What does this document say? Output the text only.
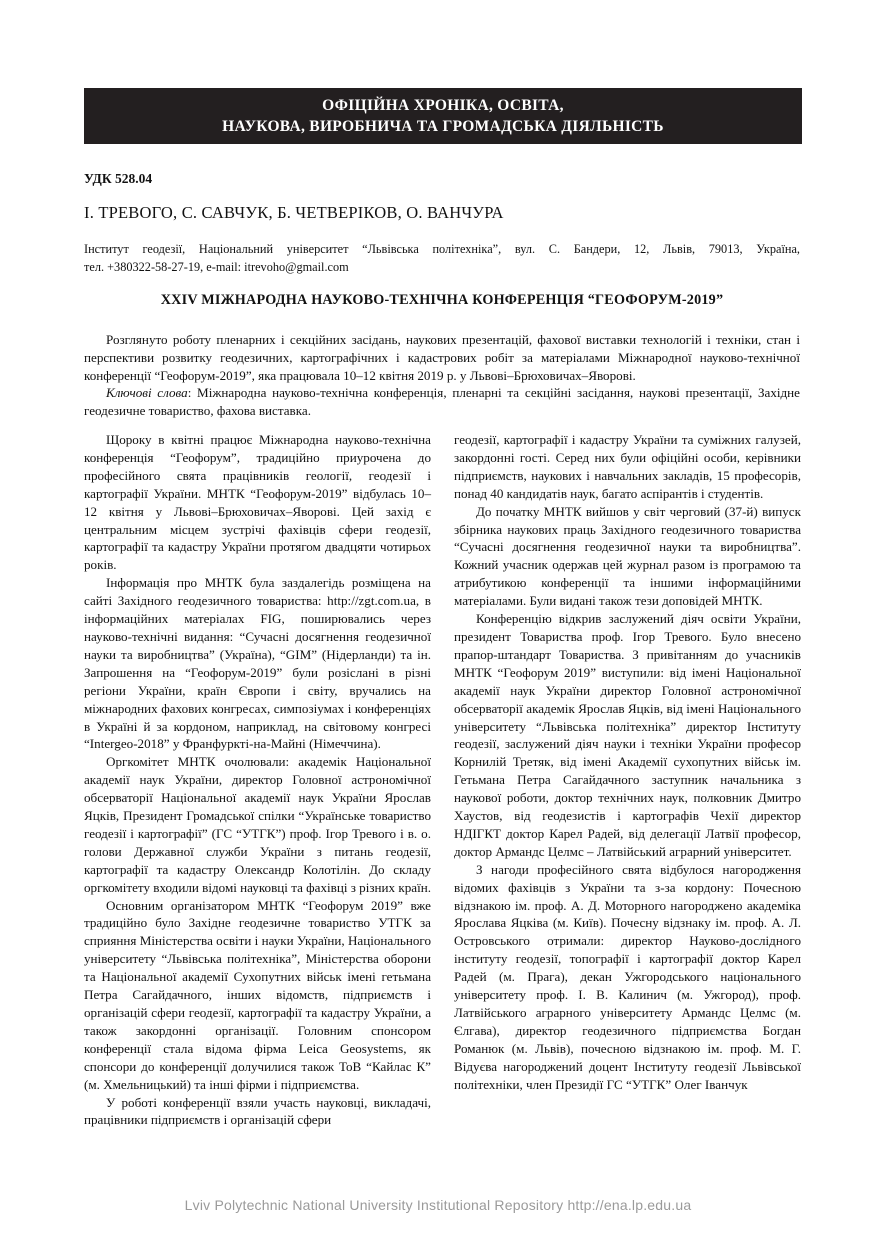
ОФІЦІЙНА ХРОНІКА, ОСВІТА,
НАУКОВА, ВИРОБНИЧА ТА ГРОМАДСЬКА ДІЯЛЬНІСТЬ
УДК 528.04
І. ТРЕВОГО, С. САВЧУК, Б. ЧЕТВЕРІКОВ, О. ВАНЧУРА
Інститут геодезії, Національний університет “Львівська політехніка”, вул. С. Бандери, 12, Львів, 79013, Україна,
тел. +380322-58-27-19, e-mail: itrevoho@gmail.com
XXIV МІЖНАРОДНА НАУКОВО-ТЕХНІЧНА КОНФЕРЕНЦІЯ “ГЕОФОРУМ-2019”

Розглянуто роботу пленарних і секційних засідань, наукових презентацій, фахової виставки технологій і техніки, стан і перспективи розвитку геодезичних, картографічних і кадастрових робіт за матеріалами Міжнародної науково-технічної конференції “Геофорум-2019”, яка працювала 10–12 квітня 2019 р. у Львові–Брюховичах–Яворові.

Ключові слова: Міжнародна науково-технічна конференція, пленарні та секційні засідання, наукові презентації, Західне геодезичне товариство, фахова виставка.

Щороку в квітні працює Міжнародна науково-технічна конференція “Геофорум”, традиційно приурочена до професійного свята працівників геології, геодезії і картографії України. МНТК “Геофорум-2019” відбулась 10–12 квітня у Львові–Брюховичах–Яворові. Цей захід є центральним місцем зустрічі фахівців сфери геодезії, картографії та кадастру України протягом двадцяти чотирьох років.

Інформація про МНТК була заздалегідь розміщена на сайті Західного геодезичного товариства: http://zgt.com.ua, в інформаційних матеріалах FIG, поширювались через науково-технічні видання: “Сучасні досягнення геодезичної науки та виробництва” (Україна), “GIM” (Нідерланди) та ін. Запрошення на “Геофорум-2019” були розіслані в різні регіони України, країн Європи і світу, вручались на міжнародних фахових конгресах, симпозіумах і конференціях в Україні й за кордоном, наприклад, на світовому конгресі “Intergeo-2018” у Франфуркті-на-Майні (Німеччина).

Оргкомітет МНТК очолювали: академік Національної академії наук України, директор Головної астрономічної обсерваторії Національної академії наук України Ярослав Яцків, Президент Громадської спілки “Українське товариство геодезії і картографії” (ГС “УТГК”) проф. Ігор Тревого і в. о. голови Державної служби України з питань геодезії, картографії та кадастру Олександр Колотілін. До складу оргкомітету входили відомі науковці та фахівці з різних країн.

Основним організатором МНТК “Геофорум 2019” вже традиційно було Західне геодезичне товариство УТГК за сприяння Міністерства освіти і науки України, Національного університету “Львівська політехніка”, Міністерства оборони та Національної академії Сухопутних військ імені гетьмана Петра Сагайдачного, інших відомств, підприємств і організацій сфери геодезії, картографії та кадастру України, а також закордонні організації. Головним спонсором конференції стала відома фірма Leica Geosystems, як спонсори до конференції долучилися також ТоВ “Кайлас К” (м. Хмельницький) та інші фірми і підприємства.

У роботі конференції взяли участь науковці, викладачі, працівники підприємств і організацій сфери

геодезії, картографії і кадастру України та суміжних галузей, закордонні гості. Серед них були офіційні особи, керівники підприємств, наукових і навчальних закладів, 15 професорів, понад 40 кандидатів наук, багато аспірантів і студентів.

До початку МНТК вийшов у світ черговий (37-й) випуск збірника наукових праць Західного геодезичного товариства “Сучасні досягнення геодезичної науки та виробництва”. Кожний учасник одержав цей журнал разом із програмою та атрибутикою конференції та іншими інформаційними матеріалами. Були видані також тези доповідей МНТК.

Конференцію відкрив заслужений діяч освіти України, президент Товариства проф. Ігор Тревого. Було внесено прапор-штандарт Товариства. З привітанням до учасників МНТК “Геофорум 2019” виступили: від імені Національної академії наук України директор Головної астрономічної обсерваторії академік Ярослав Яцків, від імені Національного університету “Львівська політехніка” директор Інституту геодезії, заслужений діяч науки і техніки України професор Корнилій Третяк, від імені Академії сухопутних військ ім. Гетьмана Петра Сагайдачного заступник начальника з наукової роботи, доктор технічних наук, полковник Дмитро Хаустов, від геодезистів і картографів Чехії директор НДІГКТ доктор Карел Радей, від делегації Латвії професор, доктор Армандс Целмс – Латвійський аграрний університет.

З нагоди професійного свята відбулося нагородження відомих фахівців з України та з-за кордону: Почесною відзнакою ім. проф. А. Д. Моторного нагороджено академіка Ярослава Яцківа (м. Київ). Почесну відзнаку ім. проф. А. Л. Островського отримали: директор Науково-дослідного інституту геодезії, топографії і картографії доктор Карел Радей (м. Прага), декан Ужгородського національного університету проф. І. В. Калинич (м. Ужгород), проф. Латвійського аграрного університету Армандс Целмс (м. Єлгава), директор геодезичного підприємства Богдан Романюк (м. Львів), почесною відзнакою ім. проф. М. Г. Відуєва нагороджений доцент Інституту геодезії Львівської політехніки, член Президії ГС “УТГК” Олег Іванчук

Lviv Polytechnic National University Institutional Repository http://ena.lp.edu.ua
